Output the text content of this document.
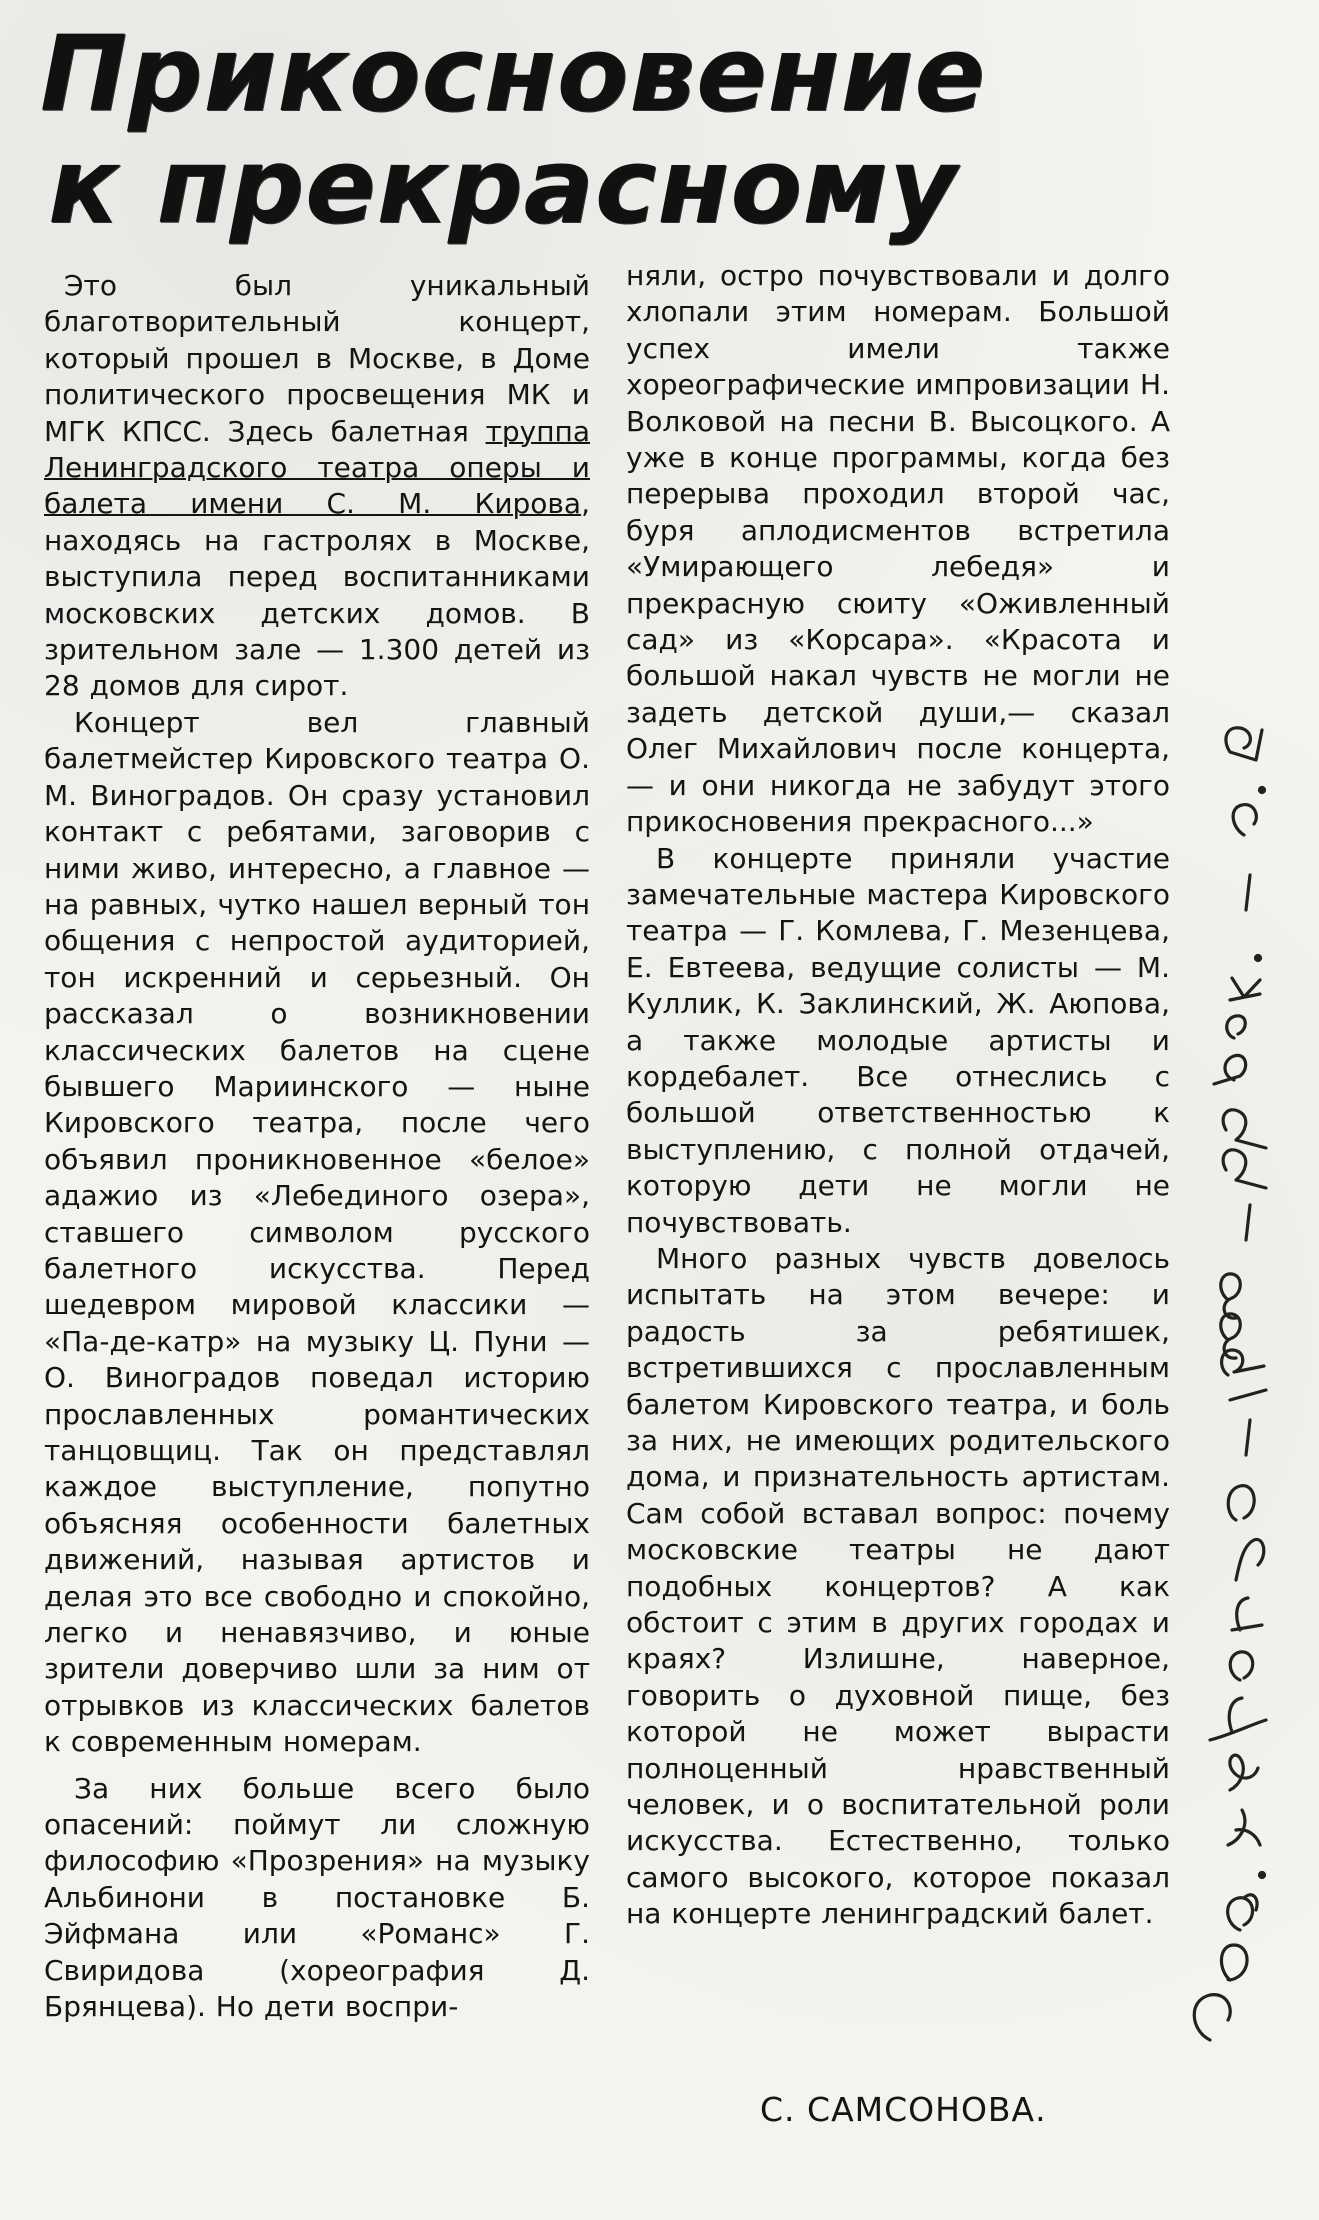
Прикосновение
к прекрасному

Это был уникальный благотворительный концерт, который прошел в Москве, в Доме политического просвещения МК и МГК КПСС. Здесь балетная труппа Ленинградского театра оперы и балета имени С. М. Кирова, находясь на гастролях в Москве, выступила перед воспитанниками московских детских домов. В зрительном зале — 1.300 детей из 28 домов для сирот.

Концерт вел главный балетмейстер Кировского театра О. М. Виноградов. Он сразу установил контакт с ребятами, заговорив с ними живо, интересно, а главное — на равных, чутко нашел верный тон общения с непростой аудиторией, тон искренний и серьезный. Он рассказал о возникновении классических балетов на сцене бывшего Мариинского — ныне Кировского театра, после чего объявил проникновенное «белое» адажио из «Лебединого озера», ставшего символом русского балетного искусства. Перед шедевром мировой классики — «Па-де-катр» на музыку Ц. Пуни — О. Виноградов поведал историю прославленных романтических танцовщиц. Так он представлял каждое выступление, попутно объясняя особенности балетных движений, называя артистов и делая это все свободно и спокойно, легко и ненавязчиво, и юные зрители доверчиво шли за ним от отрывков из классических балетов к современным номерам.

За них больше всего было опасений: поймут ли сложную философию «Прозрения» на музыку Альбинони в постановке Б. Эйфмана или «Романс» Г. Свиридова (хореография Д. Брянцева). Но дети воспри-

няли, остро почувствовали и долго хлопали этим номерам. Большой успех имели также хореографические импровизации Н. Волковой на песни В. Высоцкого. А уже в конце программы, когда без перерыва проходил второй час, буря аплодисментов встретила «Умирающего лебедя» и прекрасную сюиту «Оживленный сад» из «Корсара». «Красота и большой накал чувств не могли не задеть детской души,— сказал Олег Михайлович после концерта,— и они никогда не забудут этого прикосновения прекрасного...»

В концерте приняли участие замечательные мастера Кировского театра — Г. Комлева, Г. Мезенцева, Е. Евтеева, ведущие солисты — М. Куллик, К. Заклинский, Ж. Аюпова, а также молодые артисты и кордебалет. Все отнеслись с большой ответственностью к выступлению, с полной отдачей, которую дети не могли не почувствовать.

Много разных чувств довелось испытать на этом вечере: и радость за ребятишек, встретившихся с прославленным балетом Кировского театра, и боль за них, не имеющих родительского дома, и признательность артистам. Сам собой вставал вопрос: почему московские театры не дают подобных концертов? А как обстоит с этим в других городах и краях? Излишне, наверное, говорить о духовной пище, без которой не может вырасти полноценный нравственный человек, и о воспитательной роли искусства. Естественно, только самого высокого, которое показал на концерте ленинградский балет.

С. САМСОНОВА.
